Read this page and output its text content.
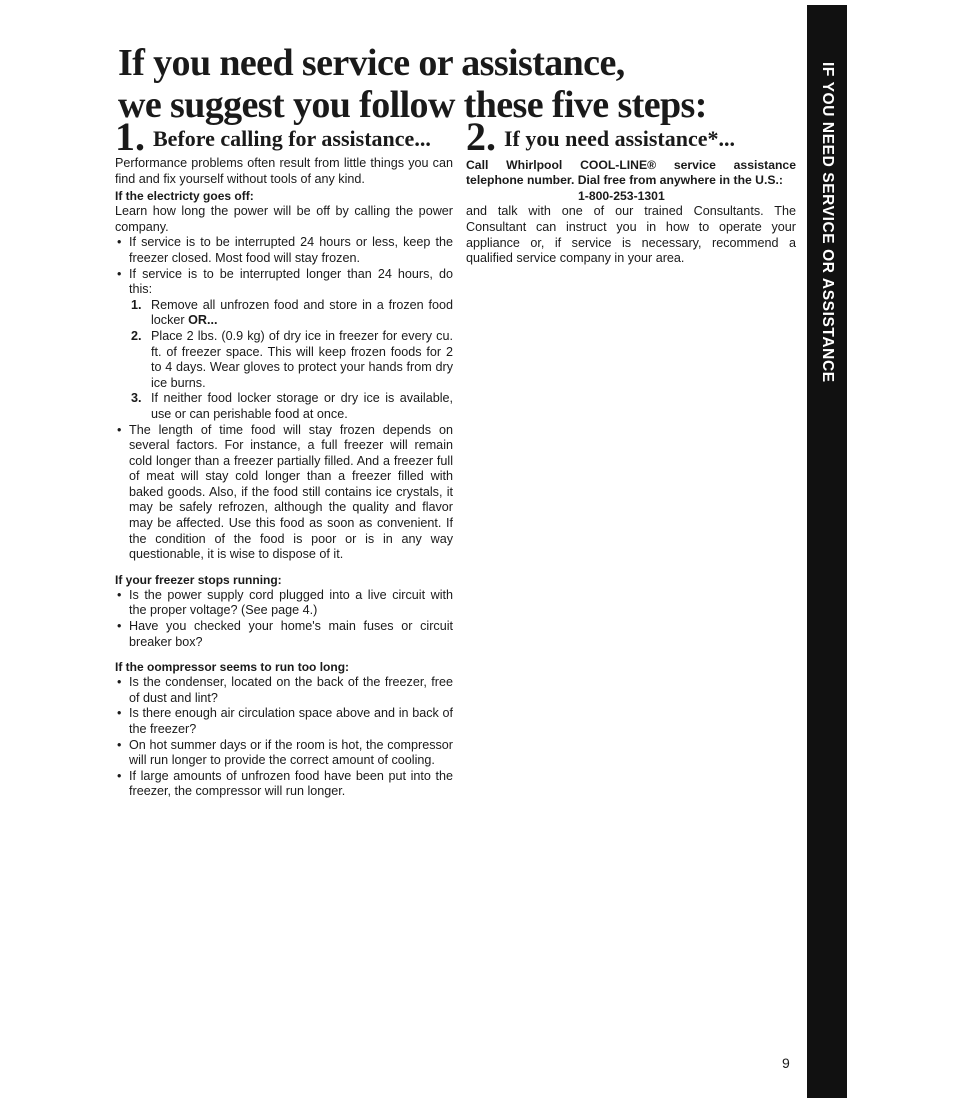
If you need service or assistance,
we suggest you follow these five steps:
1. Before calling for assistance...

Performance problems often result from little things you can find and fix yourself without tools of any kind.

If the electricty goes off:

Learn how long the power will be off by calling the power company.

• If service is to be interrupted 24 hours or less, keep the freezer closed. Most food will stay frozen.
• If service is to be interrupted longer than 24 hours, do this:
1. Remove all unfrozen food and store in a frozen food locker OR...
2. Place 2 lbs. (0.9 kg) of dry ice in freezer for every cu. ft. of freezer space. This will keep frozen foods for 2 to 4 days. Wear gloves to protect your hands from dry ice burns.
3. If neither food locker storage or dry ice is available, use or can perishable food at once.
• The length of time food will stay frozen depends on several factors. For instance, a full freezer will remain cold longer than a freezer partially filled. And a freezer full of meat will stay cold longer than a freezer filled with baked goods. Also, if the food still contains ice crystals, it may be safely refrozen, although the quality and flavor may be affected. Use this food as soon as convenient. If the condition of the food is poor or is in any way questionable, it is wise to dispose of it.
If your freezer stops running:
• Is the power supply cord plugged into a live circuit with the proper voltage? (See page 4.)
• Have you checked your home's main fuses or circuit breaker box?
If the oompressor seems to run too long:
• Is the condenser, located on the back of the freezer, free of dust and lint?
• Is there enough air circulation space above and in back of the freezer?
• On hot summer days or if the room is hot, the compressor will run longer to provide the correct amount of cooling.
• If large amounts of unfrozen food have been put into the freezer, the compressor will run longer.
2. If you need assistance*...

Call Whirlpool COOL-LINE® service assistance telephone number. Dial free from anywhere in the U.S.:

1-800-253-1301

and talk with one of our trained Consultants. The Consultant can instruct you in how to operate your appliance or, if service is necessary, recommend a qualified service company in your area.	IF YOU NEED SERVICE OR ASSISTANCE
9
